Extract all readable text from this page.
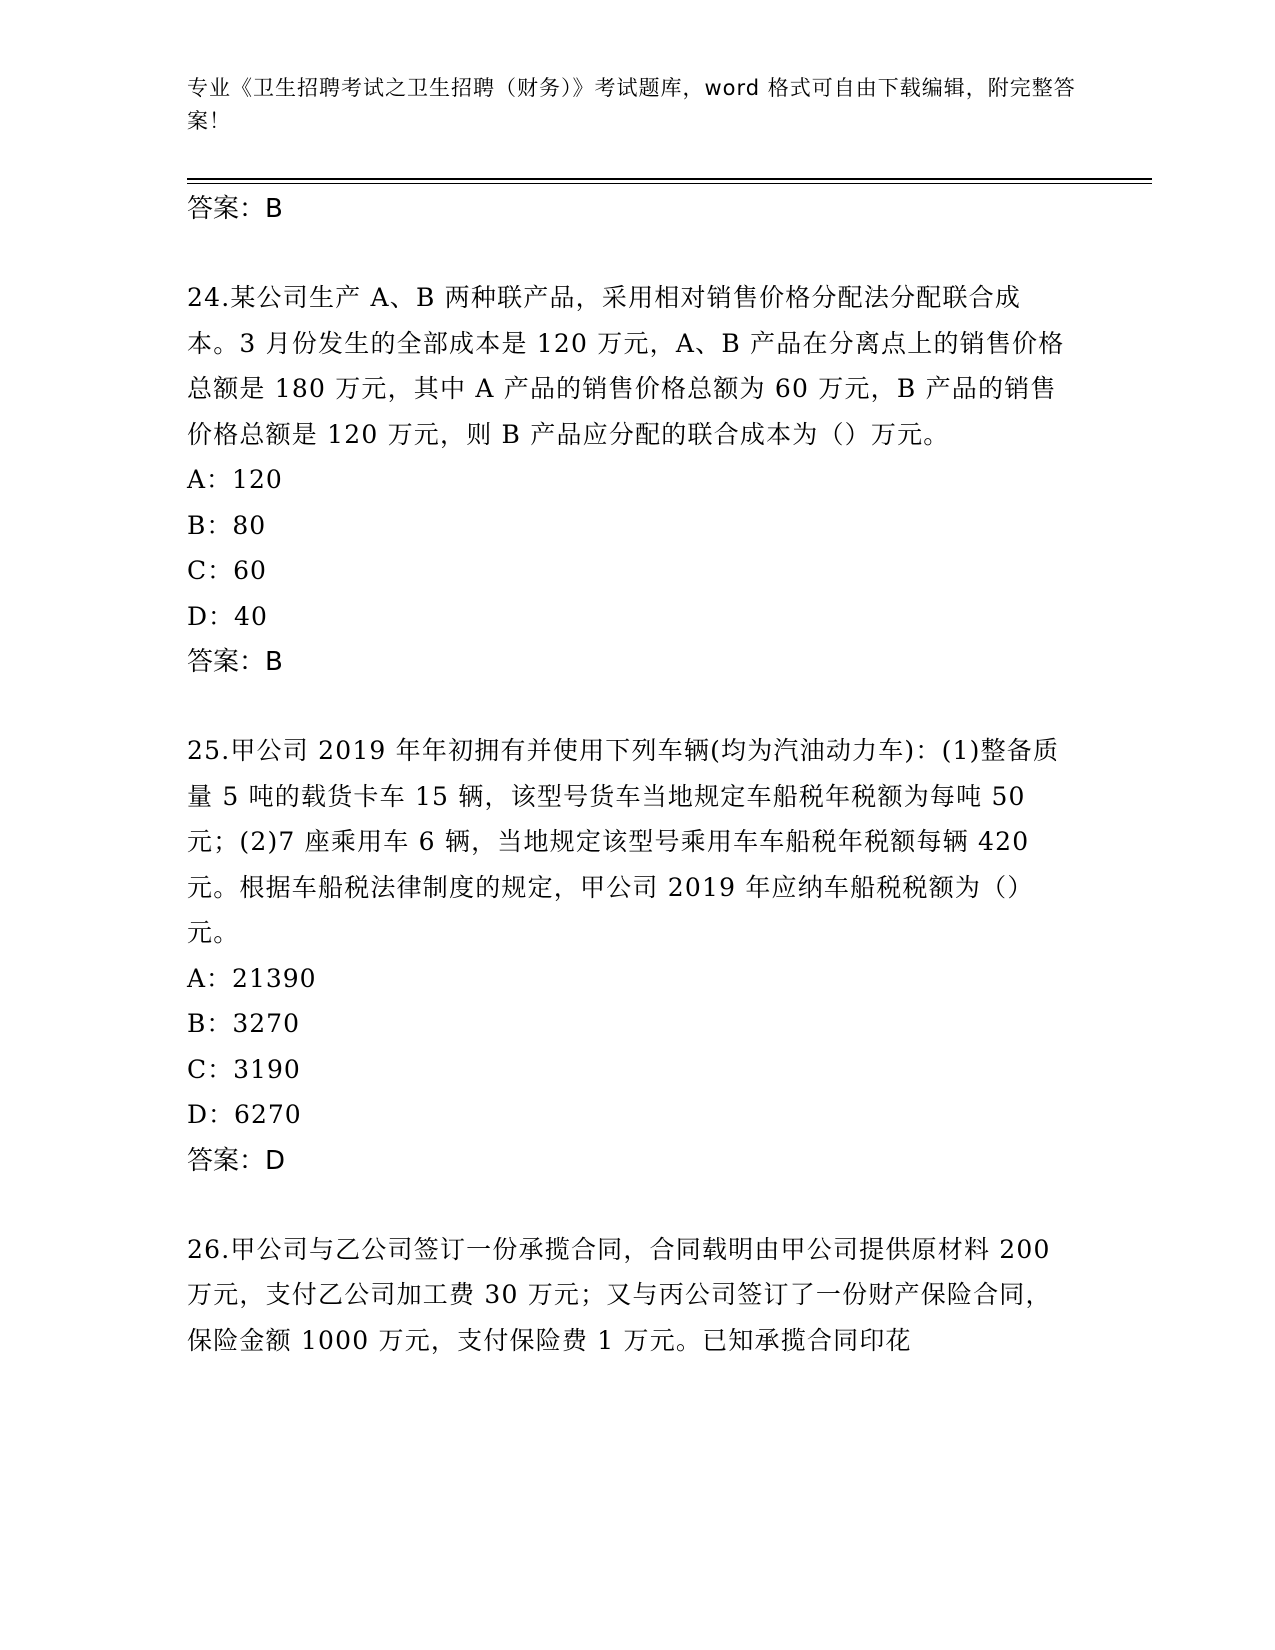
专业《卫生招聘考试之卫生招聘（财务）》考试题库，word 格式可自由下载编辑，附完整答案！
答案：B
24.某公司生产 A、B 两种联产品，采用相对销售价格分配法分配联合成本。3 月份发生的全部成本是 120 万元，A、B 产品在分离点上的销售价格总额是 180 万元，其中 A 产品的销售价格总额为 60 万元，B 产品的销售价格总额是 120 万元，则 B 产品应分配的联合成本为（）万元。
A：120
B：80
C：60
D：40
答案：B
25.甲公司 2019 年年初拥有并使用下列车辆(均为汽油动力车)：(1)整备质量 5 吨的载货卡车 15 辆，该型号货车当地规定车船税年税额为每吨 50 元；(2)7 座乘用车 6 辆，当地规定该型号乘用车车船税年税额每辆 420 元。根据车船税法律制度的规定，甲公司 2019 年应纳车船税税额为（）元。
A：21390
B：3270
C：3190
D：6270
答案：D
26.甲公司与乙公司签订一份承揽合同，合同载明由甲公司提供原材料 200 万元，支付乙公司加工费 30 万元；又与丙公司签订了一份财产保险合同，保险金额 1000 万元，支付保险费 1 万元。已知承揽合同印花
